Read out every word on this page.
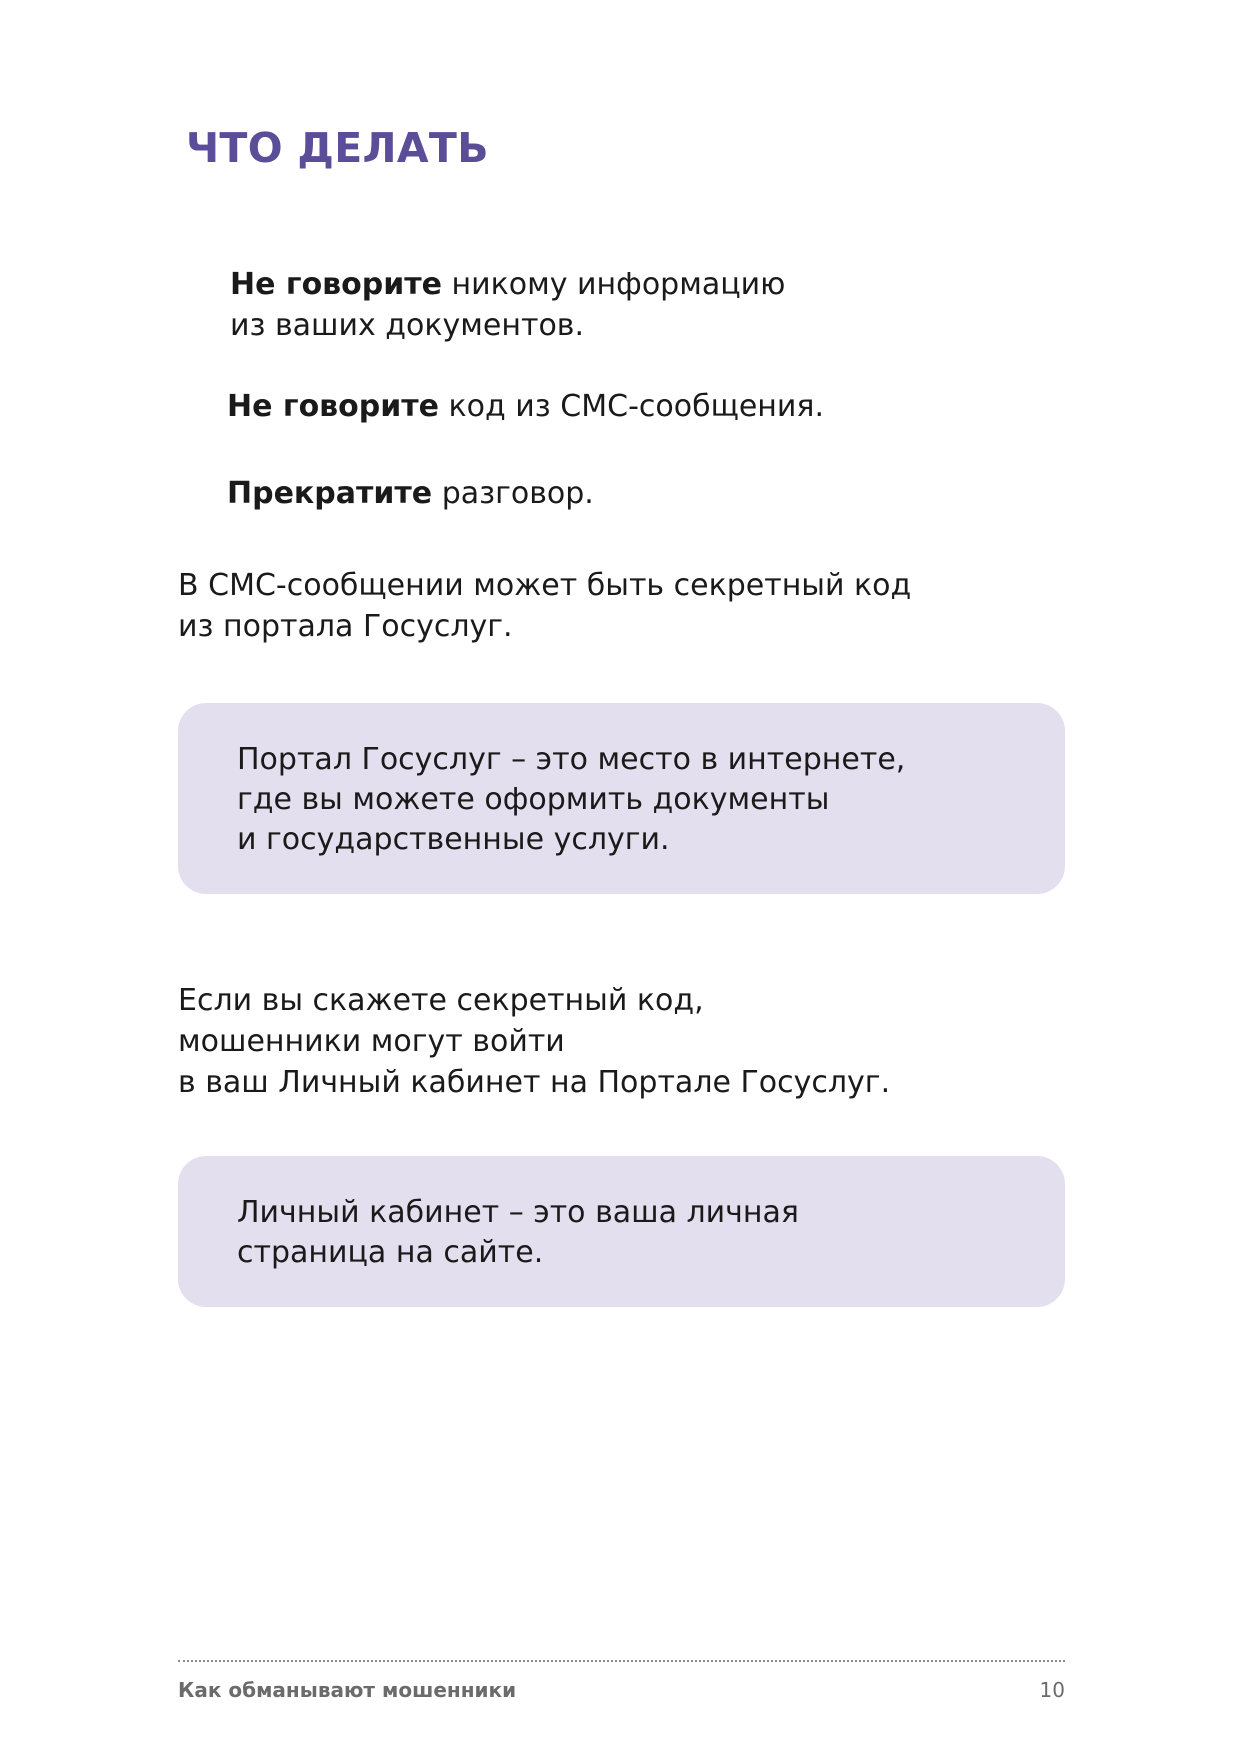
ЧТО ДЕЛАТЬ

Не говорите никому информацию
из ваших документов.

Не говорите код из СМС-сообщения.

Прекратите разговор.

В СМС-сообщении может быть секретный код
из портала Госуслуг.

Портал Госуслуг – это место в интернете,
где вы можете оформить документы
и государственные услуги.

Если вы скажете секретный код,
мошенники могут войти
в ваш Личный кабинет на Портале Госуслуг.

Личный кабинет – это ваша личная
страница на сайте.

Как обманывают мошенники	10
